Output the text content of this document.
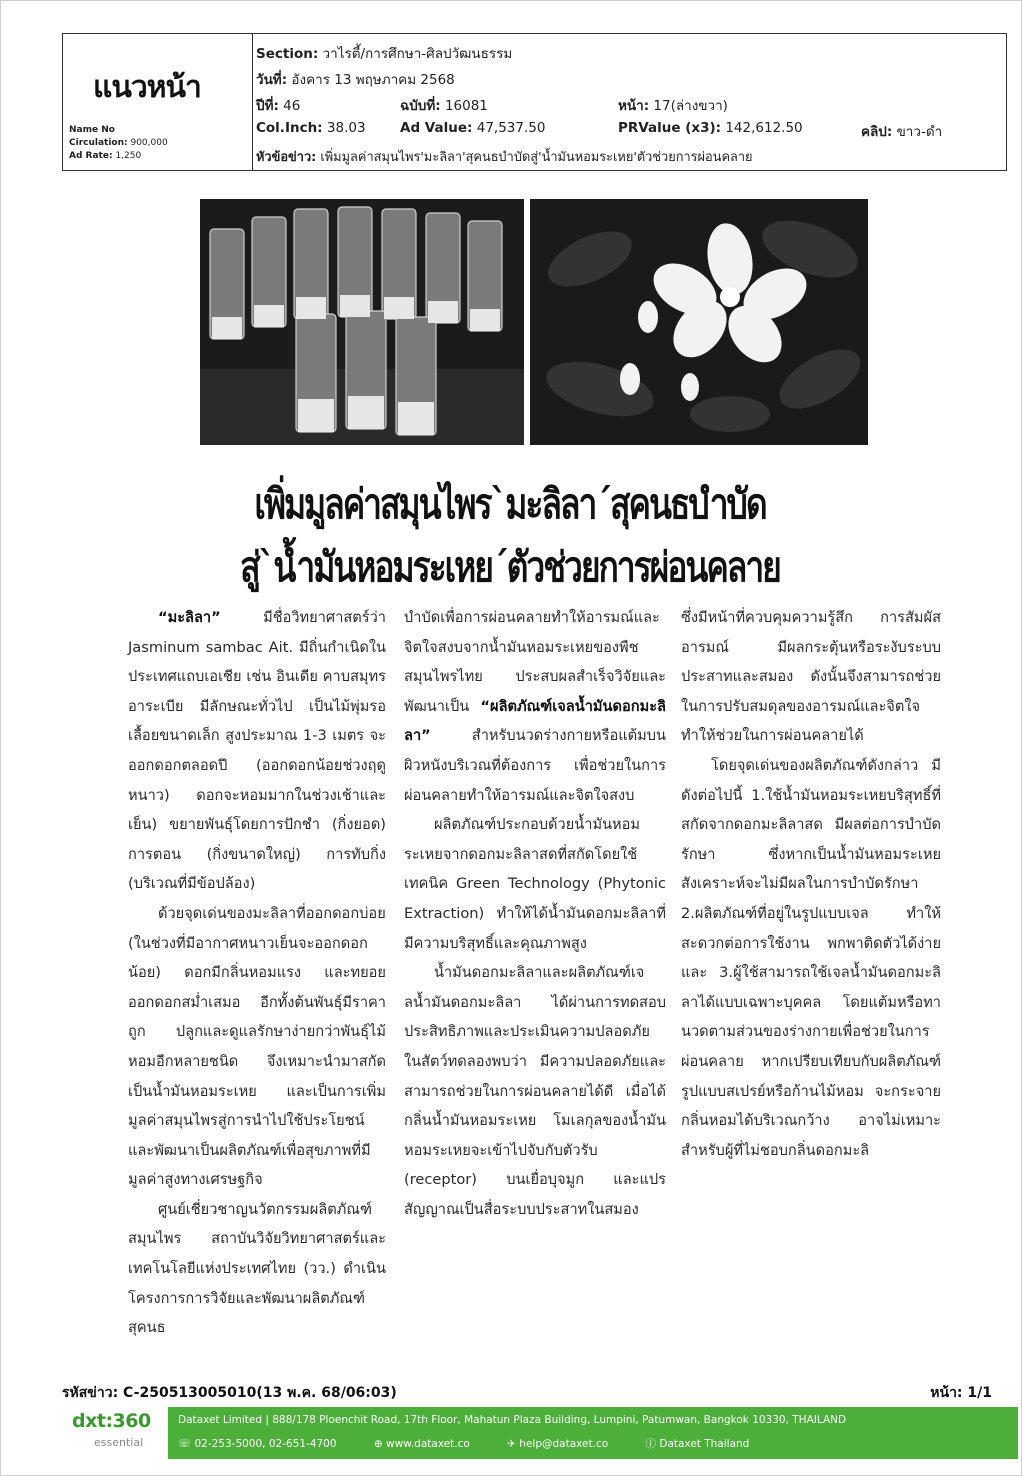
แนวหน้า
Name No
Circulation: 900,000
Ad Rate: 1,250
Section: วาไรตี้/การศึกษา-ศิลปวัฒนธรรม
วันที่: อังคาร 13 พฤษภาคม 2568
ปีที่: 46	ฉบับที่: 16081	หน้า: 17(ล่างขวา)
Col.Inch: 38.03	Ad Value: 47,537.50	PRValue (x3): 142,612.50	คลิป: ขาว-ดำ
หัวข้อข่าว: เพิ่มมูลค่าสมุนไพร'มะลิลา'สุคนธบำบัดสู่'น้ำมันหอมระเหย'ตัวช่วยการผ่อนคลาย
เพิ่มมูลค่าสมุนไพร`มะลิลา´สุคนธบำบัด
สู่`น้ำมันหอมระเหย´ตัวช่วยการผ่อนคลาย

“มะลิลา” มีชื่อวิทยาศาสตร์ว่า Jasminum sambac Ait. มีถิ่นกำเนิดในประเทศแถบเอเชีย เช่น อินเดีย คาบสมุทรอาระเบีย มีลักษณะทั่วไป เป็นไม้พุ่มรอเลื้อยขนาดเล็ก สูงประมาณ 1-3 เมตร จะออกดอกตลอดปี (ออกดอกน้อยช่วงฤดูหนาว) ดอกจะหอมมากในช่วงเช้าและเย็น) ขยายพันธุ์โดยการปักชำ (กิ่งยอด) การตอน (กิ่งขนาดใหญ่) การทับกิ่ง (บริเวณที่มีข้อปล้อง)

ด้วยจุดเด่นของมะลิลาที่ออกดอกบ่อย (ในช่วงที่มีอากาศหนาวเย็นจะออกดอกน้อย) ดอกมีกลิ่นหอมแรง และทยอยออกดอกสม่ำเสมอ อีกทั้งต้นพันธุ์มีราคาถูก ปลูกและดูแลรักษาง่ายกว่าพันธุ์ไม้หอมอีกหลายชนิด จึงเหมาะนำมาสกัดเป็นน้ำมันหอมระเหย และเป็นการเพิ่มมูลค่าสมุนไพรสู่การนำไปใช้ประโยชน์ และพัฒนาเป็นผลิตภัณฑ์เพื่อสุขภาพที่มีมูลค่าสูงทางเศรษฐกิจ

ศูนย์เชี่ยวชาญนวัตกรรมผลิตภัณฑ์สมุนไพร สถาบันวิจัยวิทยาศาสตร์และเทคโนโลยีแห่งประเทศไทย (วว.) ดำเนินโครงการการวิจัยและพัฒนาผลิตภัณฑ์สุคนธ

บำบัดเพื่อการผ่อนคลายทำให้อารมณ์และจิตใจสงบจากน้ำมันหอมระเหยของพืชสมุนไพรไทย ประสบผลสำเร็จวิจัยและพัฒนาเป็น “ผลิตภัณฑ์เจลน้ำมันดอกมะลิลา” สำหรับนวดร่างกายหรือแต้มบนผิวหนังบริเวณที่ต้องการ เพื่อช่วยในการผ่อนคลายทำให้อารมณ์และจิตใจสงบ

ผลิตภัณฑ์ประกอบด้วยน้ำมันหอมระเหยจากดอกมะลิลาสดที่สกัดโดยใช้เทคนิค Green Technology (Phytonic Extraction) ทำให้ได้น้ำมันดอกมะลิลาที่มีความบริสุทธิ์และคุณภาพสูง

น้ำมันดอกมะลิลาและผลิตภัณฑ์เจลน้ำมันดอกมะลิลา ได้ผ่านการทดสอบประสิทธิภาพและประเมินความปลอดภัยในสัตว์ทดลองพบว่า มีความปลอดภัยและสามารถช่วยในการผ่อนคลายได้ดี เมื่อได้กลิ่นน้ำมันหอมระเหย โมเลกุลของน้ำมันหอมระเหยจะเข้าไปจับกับตัวรับ (receptor) บนเยื่อบุจมูก และแปรสัญญาณเป็นสื่อระบบประสาทในสมอง

ซึ่งมีหน้าที่ควบคุมความรู้สึก การสัมผัสอารมณ์ มีผลกระตุ้นหรือระงับระบบประสาทและสมอง ดังนั้นจึงสามารถช่วยในการปรับสมดุลของอารมณ์และจิตใจทำให้ช่วยในการผ่อนคลายได้

โดยจุดเด่นของผลิตภัณฑ์ดังกล่าว มีดังต่อไปนี้ 1.ใช้น้ำมันหอมระเหยบริสุทธิ์ที่สกัดจากดอกมะลิลาสด มีผลต่อการบำบัดรักษา ซึ่งหากเป็นน้ำมันหอมระเหยสังเคราะห์จะไม่มีผลในการบำบัดรักษา 2.ผลิตภัณฑ์ที่อยู่ในรูปแบบเจล ทำให้สะดวกต่อการใช้งาน พกพาติดตัวได้ง่าย และ 3.ผู้ใช้สามารถใช้เจลน้ำมันดอกมะลิลาได้แบบเฉพาะบุคคล โดยแต้มหรือทานวดตามส่วนของร่างกายเพื่อช่วยในการผ่อนคลาย หากเปรียบเทียบกับผลิตภัณฑ์รูปแบบสเปรย์หรือก้านไม้หอม จะกระจายกลิ่นหอมได้บริเวณกว้าง อาจไม่เหมาะสำหรับผู้ที่ไม่ชอบกลิ่นดอกมะลิ

รหัสข่าว: C-250513005010(13 พ.ค. 68/06:03)	หน้า: 1/1
dxt:360
essential
Dataxet Limited | 888/178 Ploenchit Road, 17th Floor, Mahatun Plaza Building, Lumpini, Patumwan, Bangkok 10330, THAILAND
☏ 02-253-5000, 02-651-4700	⊕ www.dataxet.co	✈ help@dataxet.co	ⓕ Dataxet Thailand
